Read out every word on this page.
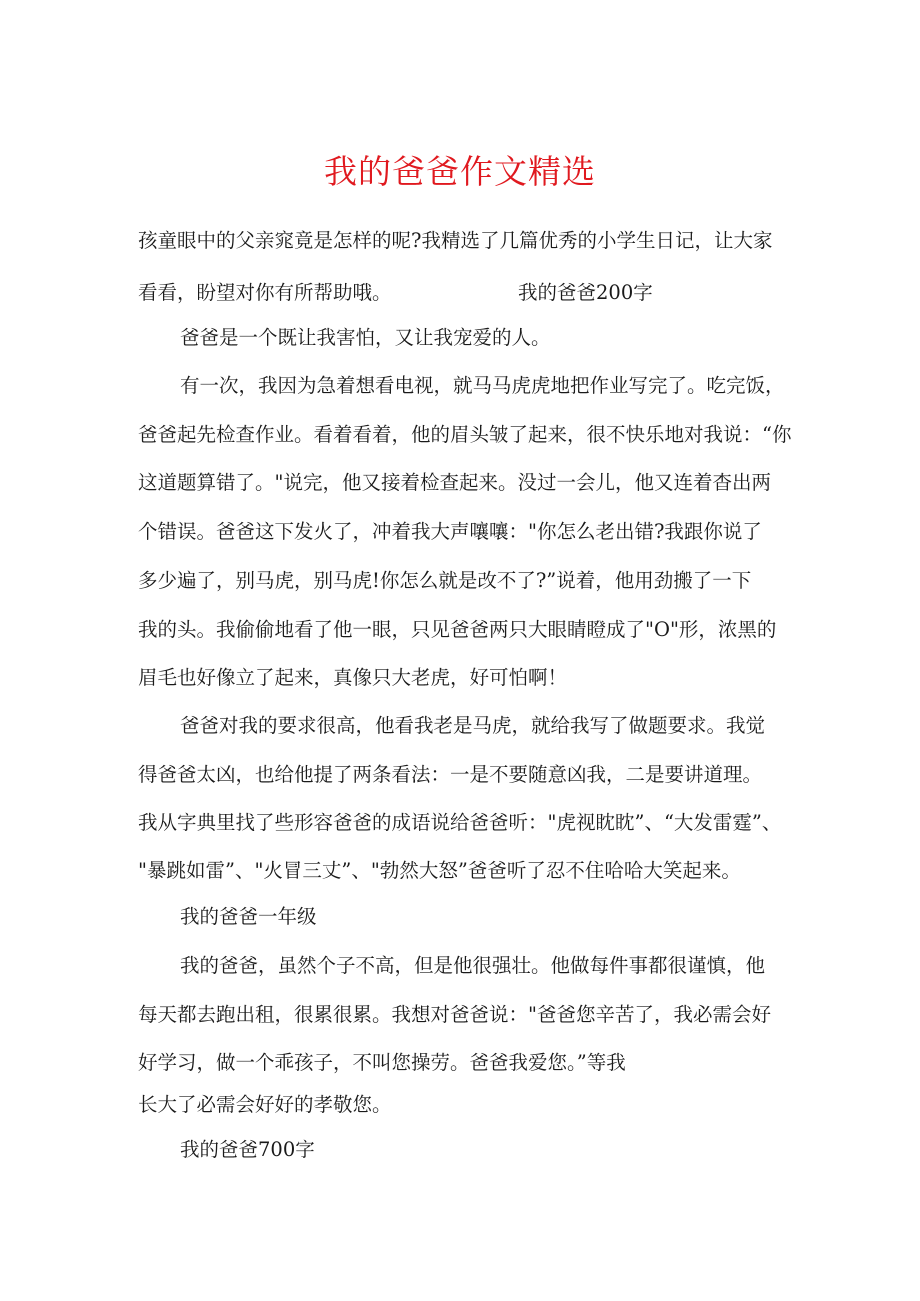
我的爸爸作文精选
孩童眼中的父亲窕竟是怎样的呢?我精选了几篇优秀的小学生日记，让大家
看看，盼望对你有所帮助哦。	我的爸爸200字
爸爸是一个既让我害怕，又让我宠爱的人。
有一次，我因为急着想看电视，就马马虎虎地把作业写完了。吃完饭，
爸爸起先检查作业。看着看着，他的眉头皱了起来，很不快乐地对我说：“你
这道题算错了。"说完，他又接着检查起来。没过一会儿，他又连着杳出两
个错误。爸爸这下发火了，冲着我大声嚷嚷："你怎么老出错?我跟你说了
多少遍了，别马虎，别马虎!你怎么就是改不了?”说着，他用劲搬了一下
我的头。我偷偷地看了他一眼，只见爸爸两只大眼睛瞪成了"O"形，浓黑的
眉毛也好像立了起来，真像只大老虎，好可怕啊！
爸爸对我的要求很高，他看我老是马虎，就给我写了做题要求。我觉
得爸爸太凶，也给他提了两条看法：一是不要随意凶我，二是要讲道理。
我从字典里找了些形容爸爸的成语说给爸爸听："虎视眈眈”、“大发雷霆”、
"暴跳如雷”、"火冒三丈”、"勃然大怒”爸爸听了忍不住哈哈大笑起来。
我的爸爸一年级
我的爸爸，虽然个子不高，但是他很强壮。他做每件事都很谨慎，他
每天都去跑出租，很累很累。我想对爸爸说："爸爸您辛苦了，我必需会好
好学习，做一个乖孩子，不叫您操劳。爸爸我爱您。”等我
长大了必需会好好的孝敬您。
我的爸爸700字
